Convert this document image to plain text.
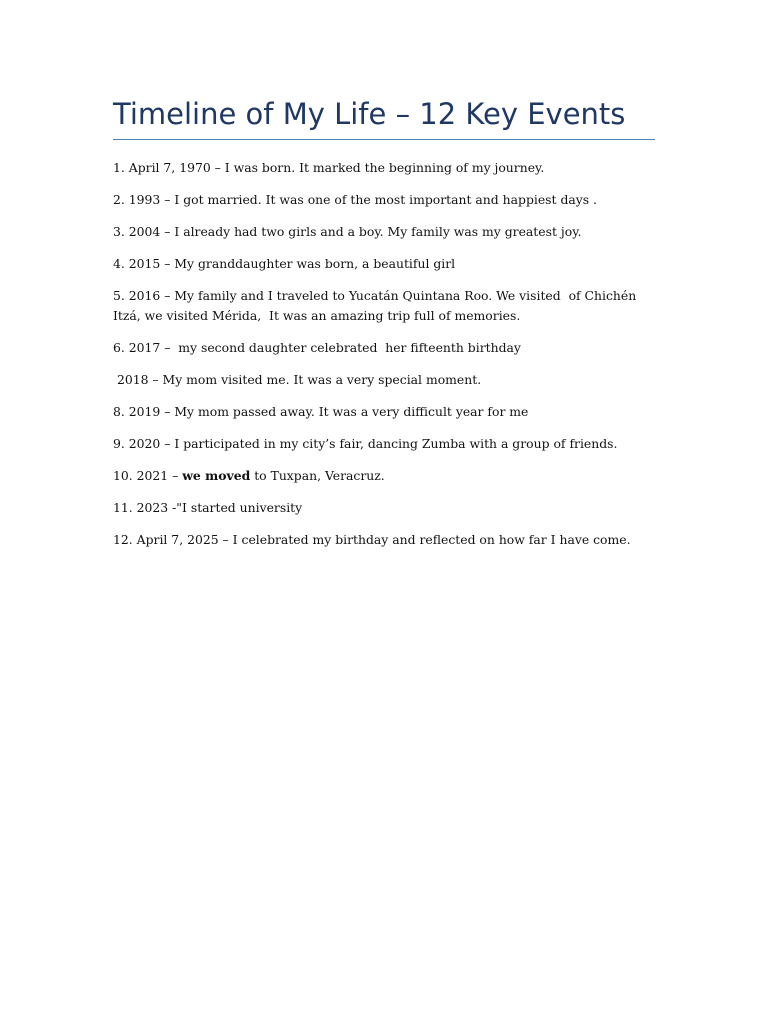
Timeline of My Life – 12 Key Events
1. April 7, 1970 – I was born. It marked the beginning of my journey.
2. 1993 – I got married. It was one of the most important and happiest days .
3. 2004 – I already had two girls and a boy. My family was my greatest joy.
4. 2015 – My granddaughter was born, a beautiful girl
5. 2016 – My family and I traveled to Yucatán Quintana Roo. We visited  of Chichén Itzá, we visited Mérida,  It was an amazing trip full of memories.
6. 2017 –  my second daughter celebrated  her fifteenth birthday
2018 – My mom visited me. It was a very special moment.
8. 2019 – My mom passed away. It was a very difficult year for me
9. 2020 – I participated in my city’s fair, dancing Zumba with a group of friends.
10. 2021 – we moved to Tuxpan, Veracruz.
11. 2023 -"I started university
12. April 7, 2025 – I celebrated my birthday and reflected on how far I have come.
